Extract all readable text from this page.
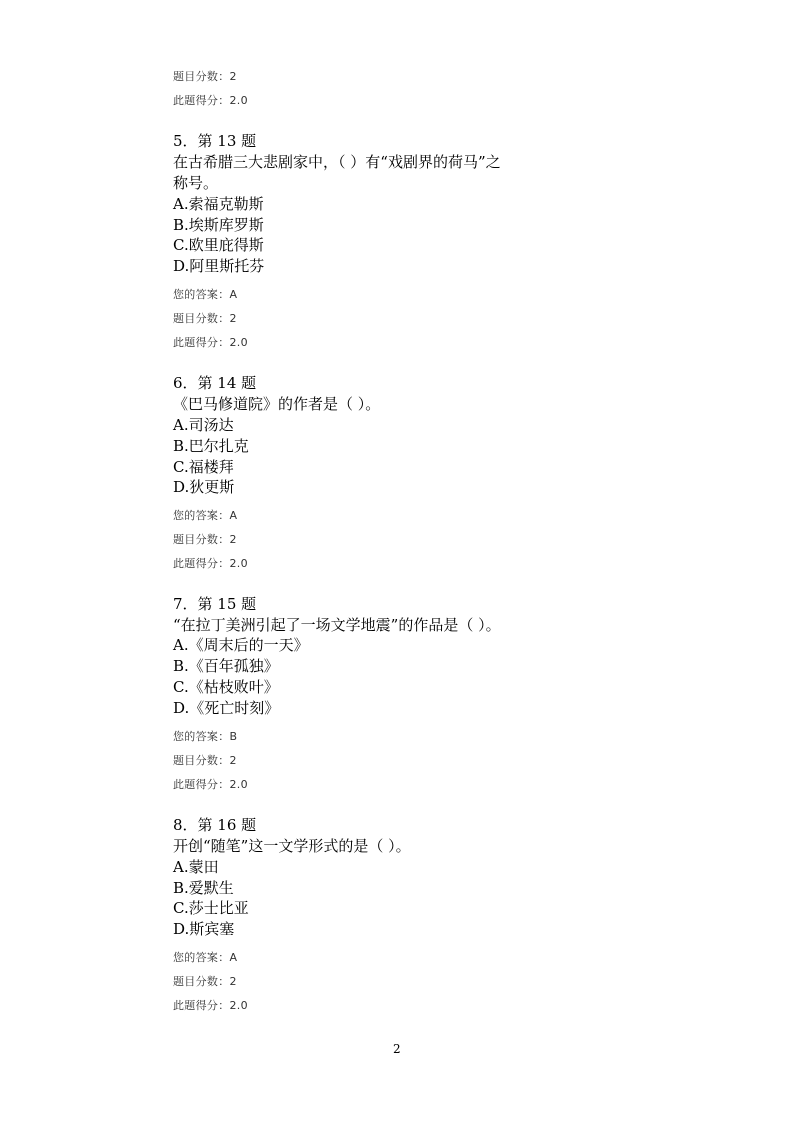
题目分数：2
此题得分：2.0
5．第 13 题
在古希腊三大悲剧家中，（ ）有“戏剧界的荷马”之
称号。
A.索福克勒斯
B.埃斯库罗斯
C.欧里庇得斯
D.阿里斯托芬
您的答案：A
题目分数：2
此题得分：2.0
6．第 14 题
《巴马修道院》的作者是（ ）。
A.司汤达
B.巴尔扎克
C.福楼拜
D.狄更斯
您的答案：A
题目分数：2
此题得分：2.0
7．第 15 题
“在拉丁美洲引起了一场文学地震”的作品是（ ）。
A.《周末后的一天》
B.《百年孤独》
C.《枯枝败叶》
D.《死亡时刻》
您的答案：B
题目分数：2
此题得分：2.0
8．第 16 题
开创“随笔”这一文学形式的是（ ）。
A.蒙田
B.爱默生
C.莎士比亚
D.斯宾塞
您的答案：A
题目分数：2
此题得分：2.0
2
